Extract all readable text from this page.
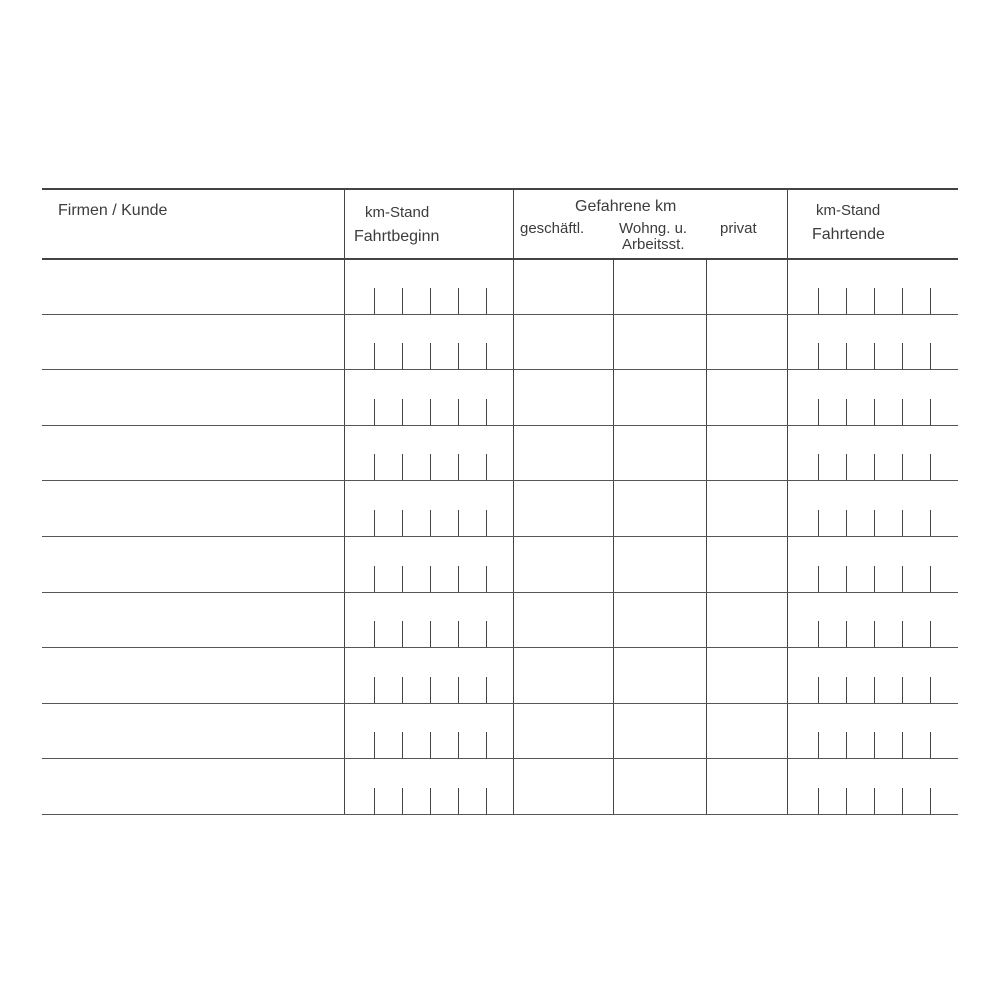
Firmen / Kunde	km-Stand
Fahrtbeginn
Gefahrene km
geschäftl. Wohng. u.
Arbeitsst.
privat
km-Stand
Fahrtende
